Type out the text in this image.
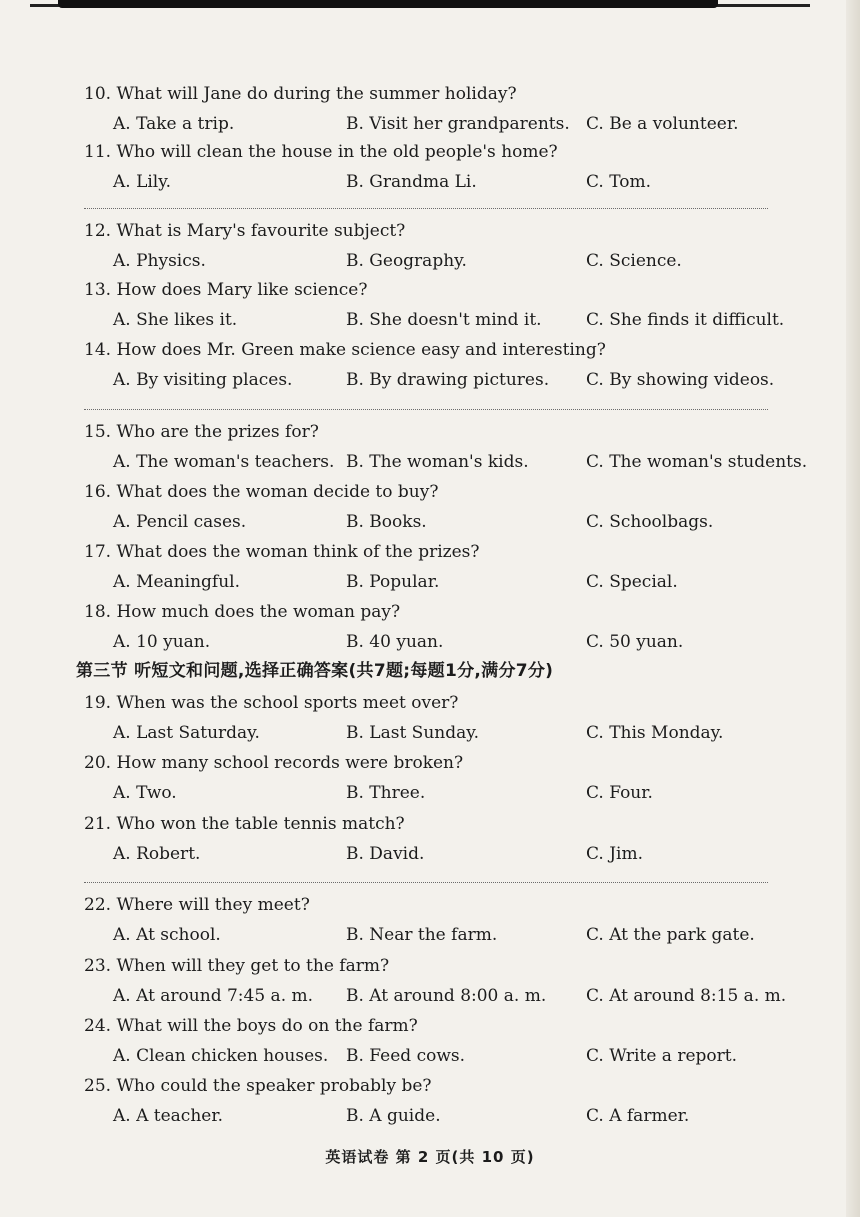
10. What will Jane do during the summer holiday?
A. Take a trip.	B. Visit her grandparents. C. Be a volunteer.
11. Who will clean the house in the old people's home?
A. Lily.	B. Grandma Li.	C. Tom.
12. What is Mary's favourite subject?
A. Physics.	B. Geography.	C. Science.
13. How does Mary like science?
A. She likes it.	B. She doesn't mind it.	C. She finds it difficult.
14. How does Mr. Green make science easy and interesting?
A. By visiting places.	B. By drawing pictures. C. By showing videos.
15. Who are the prizes for?
A. The woman's teachers. B. The woman's kids.	C. The woman's students.
16. What does the woman decide to buy?
A. Pencil cases.	B. Books.	C. Schoolbags.
17. What does the woman think of the prizes?
A. Meaningful.	B. Popular.	C. Special.
18. How much does the woman pay?
A. 10 yuan.	B. 40 yuan.	C. 50 yuan.
第三节 听短文和问题,选择正确答案(共7题;每题1分,满分7分)
19. When was the school sports meet over?
A. Last Saturday.	B. Last Sunday.	C. This Monday.
20. How many school records were broken?
A. Two.	B. Three.	C. Four.
21. Who won the table tennis match?
A. Robert.	B. David.	C. Jim.
22. Where will they meet?
A. At school.	B. Near the farm.	C. At the park gate.
23. When will they get to the farm?
A. At around 7:45 a. m. B. At around 8:00 a. m. C. At around 8:15 a. m.
24. What will the boys do on the farm?
A. Clean chicken houses. B. Feed cows.	C. Write a report.
25. Who could the speaker probably be?
A. A teacher.	B. A guide.	C. A farmer.
英语试卷 第 2 页(共 10 页)
